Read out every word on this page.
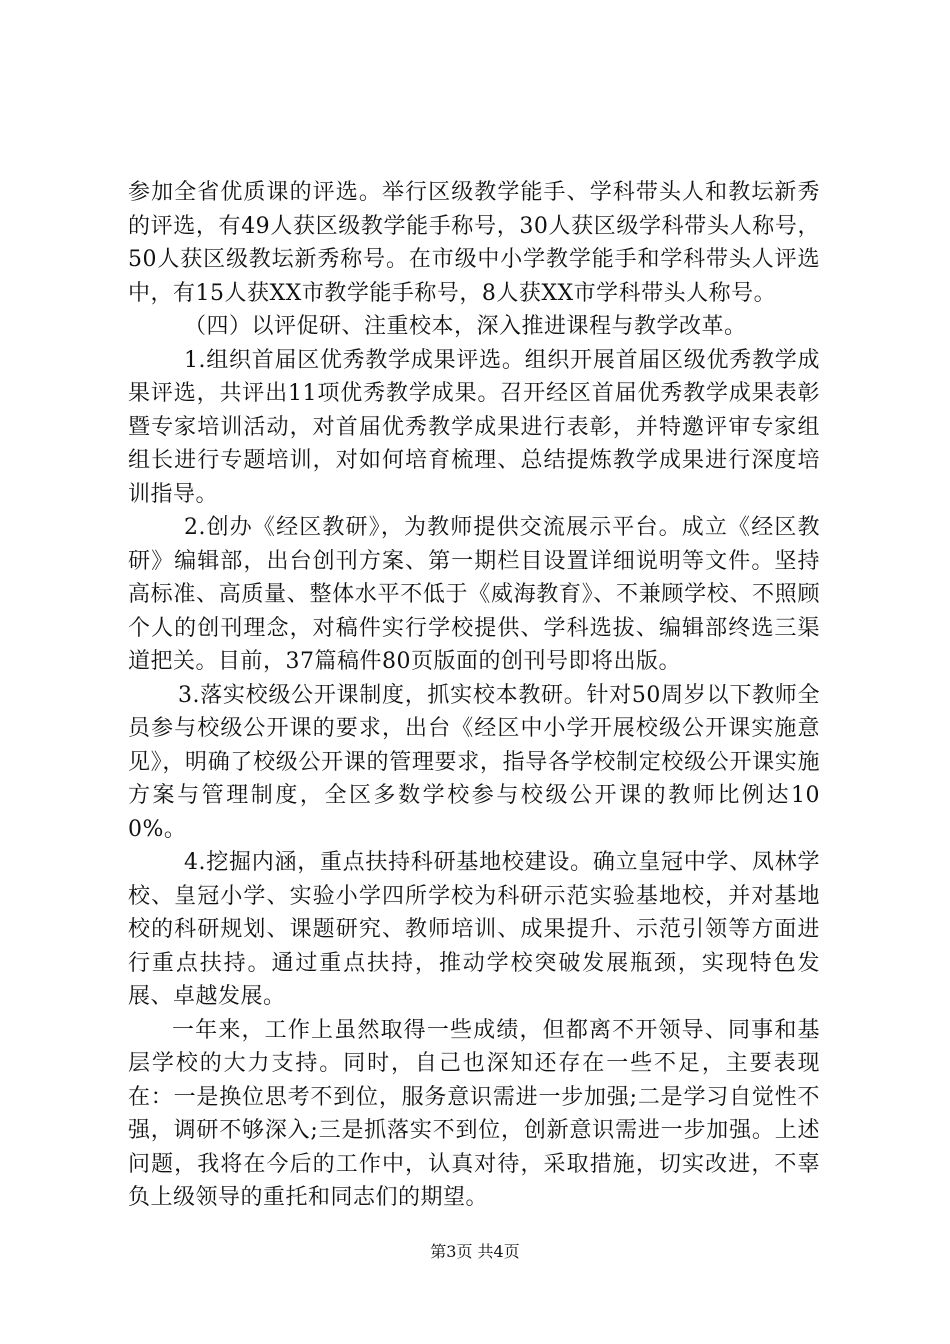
参加全省优质课的评选。举行区级教学能手、学科带头人和教坛新秀的评选，有49人获区级教学能手称号，30人获区级学科带头人称号，50人获区级教坛新秀称号。在市级中小学教学能手和学科带头人评选中，有15人获XX市教学能手称号，8人获XX市学科带头人称号。

（四）以评促研、注重校本，深入推进课程与教学改革。

1.组织首届区优秀教学成果评选。组织开展首届区级优秀教学成果评选，共评出11项优秀教学成果。召开经区首届优秀教学成果表彰暨专家培训活动，对首届优秀教学成果进行表彰，并特邀评审专家组组长进行专题培训，对如何培育梳理、总结提炼教学成果进行深度培训指导。

2.创办《经区教研》，为教师提供交流展示平台。成立《经区教研》编辑部，出台创刊方案、第一期栏目设置详细说明等文件。坚持高标准、高质量、整体水平不低于《威海教育》、不兼顾学校、不照顾个人的创刊理念，对稿件实行学校提供、学科选拔、编辑部终选三渠道把关。目前，37篇稿件80页版面的创刊号即将出版。

3.落实校级公开课制度，抓实校本教研。针对50周岁以下教师全员参与校级公开课的要求，出台《经区中小学开展校级公开课实施意见》，明确了校级公开课的管理要求，指导各学校制定校级公开课实施方案与管理制度，全区多数学校参与校级公开课的教师比例达100%。

4.挖掘内涵，重点扶持科研基地校建设。确立皇冠中学、凤林学校、皇冠小学、实验小学四所学校为科研示范实验基地校，并对基地校的科研规划、课题研究、教师培训、成果提升、示范引领等方面进行重点扶持。通过重点扶持，推动学校突破发展瓶颈，实现特色发展、卓越发展。

一年来，工作上虽然取得一些成绩，但都离不开领导、同事和基层学校的大力支持。同时，自己也深知还存在一些不足，主要表现在：一是换位思考不到位，服务意识需进一步加强;二是学习自觉性不强，调研不够深入;三是抓落实不到位，创新意识需进一步加强。上述问题，我将在今后的工作中，认真对待，采取措施，切实改进，不辜负上级领导的重托和同志们的期望。

第3页 共4页
